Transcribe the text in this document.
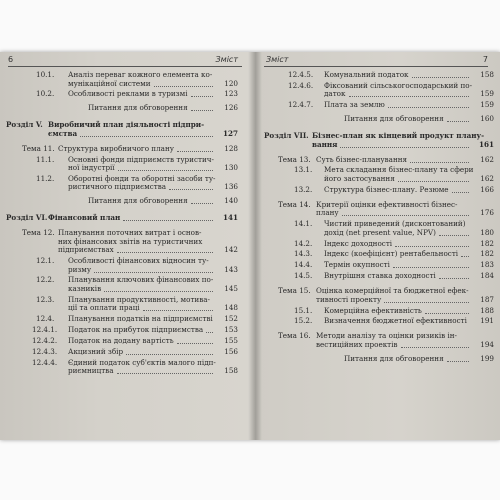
6	Зміст
10.1. Аналіз переваг кожного елемента ко-
мунікаційної системи	120
10.2. Особливості реклами в туризмі	123
Питання для обговорення	126
Розділ V. Виробничий план діяльності підпри-
ємства	127
Тема 11. Структура виробничого плану	128
11.1. Основні фонди підприємств туристич-
ної індустрії	130
11.2. Оборотні фонди та оборотні засоби ту-
ристичного підприємства	136
Питання для обговорення	140
Розділ VI. Фінансовий план	141
Тема 12. Планування поточних витрат і основ-
них фінансових звітів на туристичних
підприємствах	142
12.1. Особливості фінансових відносин ту-
ризму	143
12.2. Планування ключових фінансових по-
казників	145
12.3. Планування продуктивності, мотива-
ції та оплати праці	148
12.4. Планування податків на підприємстві	152
12.4.1. Податок на прибуток підприємства	153
12.4.2. Податок на додану вартість	155
12.4.3. Акцизний збір	156
12.4.4. Єдиний податок суб'єктів малого підп-
риємництва	158
Зміст	7
12.4.5. Комунальний податок	158
12.4.6. Фіксований сільськогосподарський по-
даток	159
12.4.7. Плата за землю	159
Питання для обговорення	160
Розділ VII. Бізнес-план як кінцевий продукт плану-
вання	161
Тема 13. Суть бізнес-планування	162
13.1. Мета складання бізнес-плану та сфери
його застосування	162
13.2. Структура бізнес-плану. Резюме	166
Тема 14. Критерії оцінки ефективності бізнес-
плану	176
14.1. Чистий приведений (дисконтований)
дохід (net present value, NPV)	180
14.2. Індекс доходності	182
14.3. Індекс (коефіцієнт) рентабельності	182
14.4. Термін окупності	183
14.5. Внутрішня ставка доходності	184
Тема 15. Оцінка комерційної та бюджетної ефек-
тивності проекту	187
15.1. Комерційна ефективність	188
15.2. Визначення бюджетної ефективності	191
Тема 16. Методи аналізу та оцінки ризиків ін-
вестиційних проектів	194
Питання для обговорення	199
